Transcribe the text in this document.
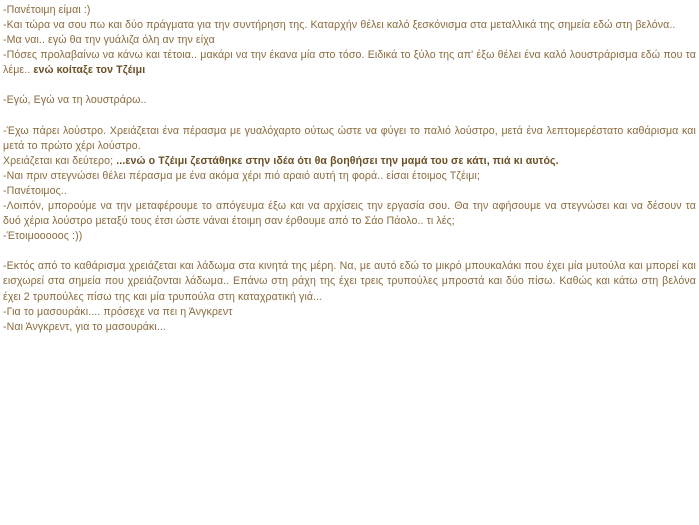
-Πανέτοιμη είμαι :)

-Και τώρα να σου πω και δύο πράγματα για την συντήρηση της. Καταρχήν θέλει καλό ξεσκόνισμα στα μεταλλικά της σημεία εδώ στη βελόνα..

-Μα ναι.. εγώ θα την γυάλιζα όλη αν την είχα

-Πόσες προλαβαίνω να κάνω και τέτοια.. μακάρι να την έκανα μία στο τόσο. Ειδικά το ξύλο της απ' έξω θέλει ένα καλό λουστράρισμα εδώ που τα λέμε.. ενώ κοίταξε τον Τζέιμι

-Εγώ, Εγώ να τη λουστράρω..

-Έχω πάρει λούστρο. Χρειάζεται ένα πέρασμα με γυαλόχαρτο ούτως ώστε να φύγει το παλιό λούστρο, μετά ένα λεπτομερέστατο καθάρισμα και μετά το πρώτο χέρι λούστρο.

Χρειάζεται και δεύτερο; ...ενώ ο Τζέιμι ζεστάθηκε στην ιδέα ότι θα βοηθήσει την μαμά του σε κάτι, πιά κι αυτός.

-Ναι πριν στεγνώσει θέλει πέρασμα με ένα ακόμα χέρι πιό αραιό αυτή τη φορά.. είσαι έτοιμος Τζέιμι;

-Πανέτοιμος..

-Λοιπόν, μπορούμε να την μεταφέρουμε το απόγευμα έξω και να αρχίσεις την εργασία σου. Θα την αφήσουμε να στεγνώσει και να δέσουν τα δυό χέρια λούστρο μεταξύ τους έτσι ώστε νάναι έτοιμη σαν έρθουμε από το Σάο Πάολο.. τι λές;

-Έτοιμοοοοος :))

-Εκτός από το καθάρισμα χρειάζεται και λάδωμα στα κινητά της μέρη. Να, με αυτό εδώ το μικρό μπουκαλάκι που έχει μία μυτούλα και μπορεί και εισχωρεί στα σημεία που χρειάζονται λάδωμα.. Επάνω στη ράχη της έχει τρεις τρυπούλες μπροστά και δύο πίσω. Καθώς και κάτω στη βελόνα έχει 2 τρυπούλες πίσω της και μία τρυπούλα στη καταχρατική γιά...

-Για το μασουράκι.... πρόσεχε να πει η Άνγκρεντ

-Ναι Άνγκρεντ, για το μασουράκι...
